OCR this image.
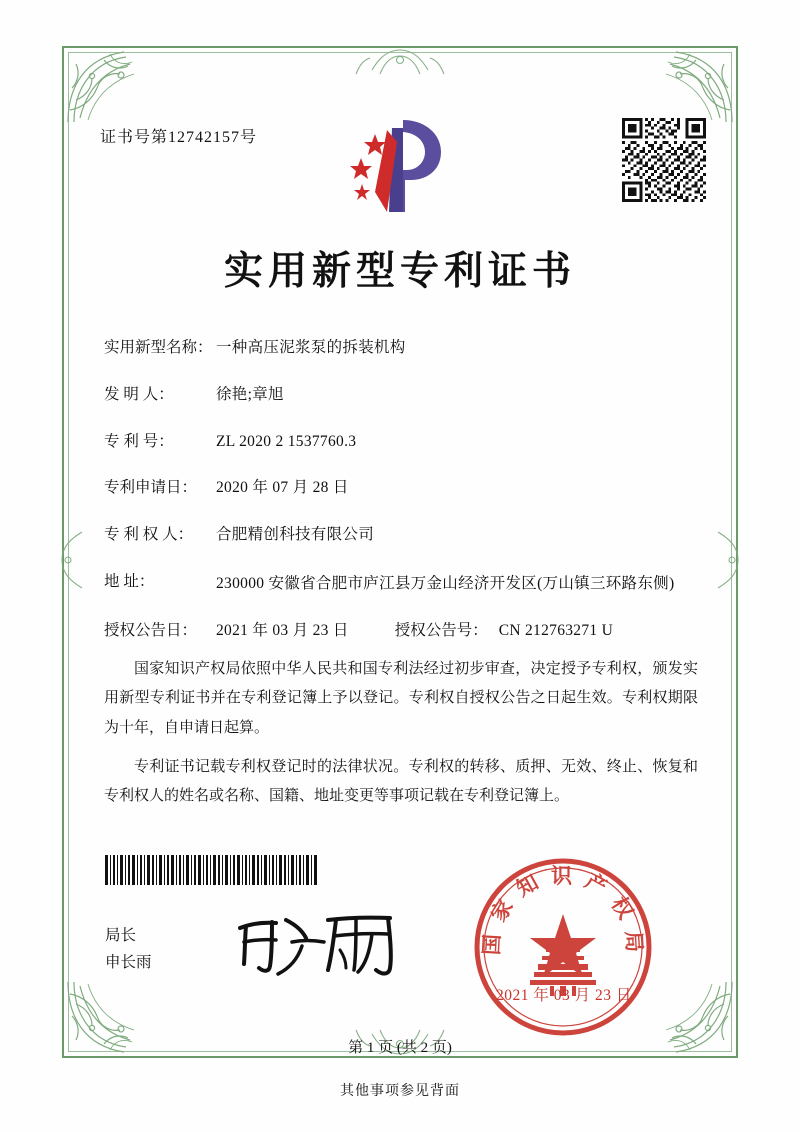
证书号第12742157号
实用新型专利证书
实用新型名称： 一种高压泥浆泵的拆装机构
发 明 人：	徐艳;章旭
专 利 号：	ZL 2020 2 1537760.3
专利申请日：	2020 年 07 月 28 日
专 利 权 人：	合肥精创科技有限公司
地 址：	230000 安徽省合肥市庐江县万金山经济开发区(万山镇三环路东侧)
授权公告日：	2021 年 03 月 23 日	授权公告号： CN 212763271 U

国家知识产权局依照中华人民共和国专利法经过初步审查，决定授予专利权，颁发实用新型专利证书并在专利登记簿上予以登记。专利权自授权公告之日起生效。专利权期限为十年，自申请日起算。

专利证书记载专利权登记时的法律状况。专利权的转移、质押、无效、终止、恢复和专利权人的姓名或名称、国籍、地址变更等事项记载在专利登记簿上。

局长
申长雨
国 家 知 识 产 权 局
2021 年 03 月 23 日
第 1 页 (共 2 页)
其他事项参见背面
